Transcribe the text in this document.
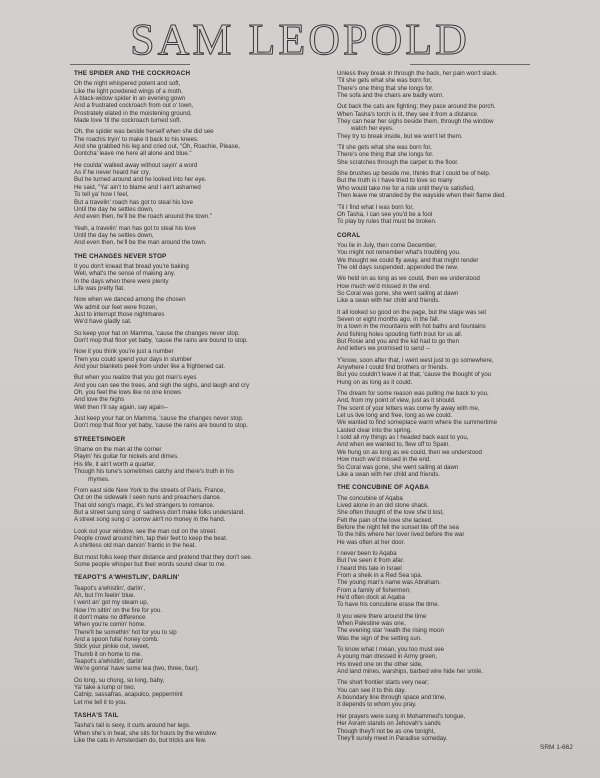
SAM LEOPOLD
THE SPIDER AND THE COCKROACH
Oh the night whispered potent and soft,
Like the light powdered wings of a moth.
A black-widow spider in an evening gown
And a frustrated cockroach from out o' town,
Prostrately elated in the moistening ground,
Made love 'til the cockroach turned soft.
Oh, the spider was beside herself when she did see
The roachis tryin' to make it back to his knees.
And she grabbed his leg and cried out, "Oh, Roachie, Please,
Dontcha' leave me here all alone and blue."
He coulda' walked away without sayin' a word
As if he never heard her cry,
But he turned around and he looked into her eye.
He said, "Ya' ain't to blame and I ain't ashamed
To tell ya' how I feel,
But a travelin' roach has got to steal his love
Until the day he settles down,
And even then, he'll be the roach around the town."
Yeah, a travelin' man has got to steal his love
Until the day he settles down,
And even then, he'll be the man around the town.
THE CHANGES NEVER STOP
It you don't knead that bread you're baking
Well, what's the sense of making any.
In the days when there were plenty
Life was pretty flat.
Now when we danced among the chosen
We admit our feet were frozen,
Just to interrupt those nightmares
We'd have gladly sat.
So keep your hat on Mamma, 'cause the changes never stop.
Don't mop that floor yet baby, 'cause the rains are bound to stop.
Now it you think you're just a number
Then you could spend your days in slumber
And your blankets peek from under like a frightened cat.
But when you realize that you got man's eyes
And you can see the trees, and sigh the sighs, and laugh and cry
Oh, you feel the lows like no one knows
And love the highs
Well then I'll say again, say again--
Just keep your hat on Mamma, 'cause the changes never stop.
Don't mop that floor yet baby, 'cause the rains are bound to stop.
STREETSINGER
Shame on the man at the corner
Playin' his guitar for nickels and dimes.
His life, it ain't worth a quarter,
Though his tune's sometimes catchy and there's truth in his
rhymes.
From east side New York to the streets of Paris, France,
Out on the sidewalk I seen nuns and preachers dance.
That old song's magic, it's led strangers to romance.
But a street sung song o' sadness don't make folks understand.
A street song sung o' sorrow ain't no money in the hand.
Look out your window, see the man out on the street.
People crowd around him, tap their feet to keep the beat.
A shirtless old man dancin' frantic in the heat.
But most folks keep their distance and pretend that they don't see.
Some people whisper but their words sound clear to me.
TEAPOT'S A'WHISTLIN', DARLIN'
Teapot's a'whistlin', darlin',
Ah, but I'm feelin' blue.
I went an' got my steam up,
Now I'm sittin' on the fire for you.
It don't make no difference
When you're comin' home.
There'll be somethin' hot for you to sip
And a spoon fulla' honey comb.
Stick your pinkie out, sweet,
Thumb it on home to me.
Teapot's a'whistlin', darlin'
We're gonna' have some tea (two, three, four).
Oo long, su chong, so long, baby,
Ya' take a lump or two,
Catnip, sassafras, acapulco, peppermint
Let me tell it to you.
TASHA'S TAIL
Tasha's tail is sexy, it curls around her legs.
When she's in heat, she sits for hours by the window.
Like the cats in Amsterdam do, but tricks are few.
Unless they break in through the back, her pain won't slack.
'Til she gets what she was born for,
There's one thing that she longs for.
The sofa and the chairs are badly worn.
Out back the cats are fighting; they pace around the porch.
When Tasha's torch is lit, they see it from a distance.
They can hear her sighs beside them, through the window
watch her eyes.
They try to break inside, but we won't let them.
'Til she gets what she was born for,
There's one thing that she longs for.
She scratches through the carpet to the floor.
She brushes up beside me, thinks that I could be of help.
But the truth is I have tried to love so many
Who would take me for a ride until they're satisfied,
Then leave me stranded by the wayside when their flame died.
'Til I find what I was born for,
Oh Tasha, I can see you'd be a fool
To play by rules that must be broken.
CORAL
You lie in July, then come December,
You might not remember what's troubling you.
We thought we could fly away, and that might render
The old days suspended, appended the new.
We held on as long as we could, then we understood
How much we'd missed in the end.
So Coral was gone, she went sailing at dawn
Like a swan with her child and friends.
It all looked so good on the page, but the stage was set
Seven or eight months ago, in the fall.
In a town in the mountains with hot baths and fountains
And fishing holes spouting forth trout for us all.
But Rosie and you and the kid had to go then
And letters we promised to send --
Y'know, soon after that, I went west just to go somewhere,
Anywhere I could find brothers or friends.
But you couldn't leave it at that, 'cause the thought of you
Hung on as long as it could.
The dream for some reason was pulling me back to you,
And, from my point of view, just as it should.
The scent of your letters was come fly away with me,
Let us live long and free, long as we could.
We wanted to find someplace warm where the summertime
Lasted clear into the spring.
I sold all my things as I headed back east to you,
And when we wanted to, flew off to Spain.
We hung on as long as we could, then we understood
How much we'd missed in the end.
So Coral was gone, she went sailing at dawn
Like a swan with her child and friends.
THE CONCUBINE OF AQABA
The concubine of Aqaba
Lived alone in an old stone shack.
She often thought of the love she'd lost,
Felt the pain of the love she lacked.
Before the night fell the sunset lite off the sea
To the hills where her lover lived before the war
He was often at her door.
I never been to Aqaba
But I've seen it from afar.
I heard this tale in Israel
From a sheik in a Red Sea spa.
The young man's name was Abraham,
From a family of fishermen;
He'd often dock at Aqaba
To have his concubine erase the time.
It you were there around the time
When Palestine was one,
The evening star 'neath the rising moon
Was the sign of the setting sun.
To know what I mean, you too must see
A young man dressed in Army green,
His loved one on the other side,
And land mines, warships, barbed wire hide her smile.
The short frontier starts very near;
You can see it to this day.
A boundary line through space and time,
It depends to whom you pray.
Her prayers were sung in Mohammed's tongue,
Her Avram stands on Jehovah's sands
Though they'll not be as one tonight,
They'll surely meet in Paradise someday.
SRM 1-662
